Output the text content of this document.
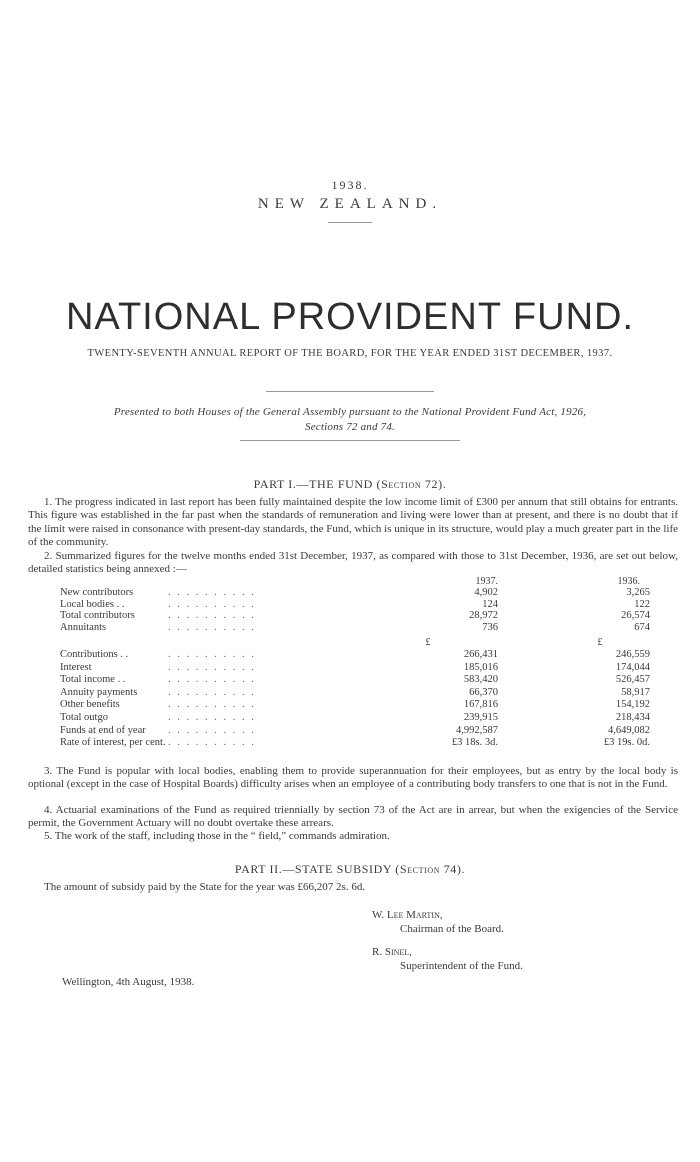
1938.
NEW ZEALAND.
NATIONAL PROVIDENT FUND.
TWENTY-SEVENTH ANNUAL REPORT OF THE BOARD, FOR THE YEAR ENDED 31ST DECEMBER, 1937.
Presented to both Houses of the General Assembly pursuant to the National Provident Fund Act, 1926,
Sections 72 and 74.
PART I.—THE FUND (Section 72).
1. The progress indicated in last report has been fully maintained despite the low income limit of £300 per annum that still obtains for entrants. This figure was established in the far past when the standards of remuneration and living were lower than at present, and there is no doubt that if the limit were raised in consonance with present-day standards, the Fund, which is unique in its structure, would play a much greater part in the life of the community.
2. Summarized figures for the twelve months ended 31st December, 1937, as compared with those to 31st December, 1936, are set out below, detailed statistics being annexed :—
1937.	1936.
New contributors	. . . . . . . . . .	4,902	3,265
Local bodies . .	. . . . . . . . . .	124	122
Total contributors	. . . . . . . . . .	28,972	26,574
Annuitants	. . . . . . . . . .	736	674
£	£
Contributions . .	. . . . . . . . . .	266,431	246,559
Interest	. . . . . . . . . .	185,016	174,044
Total income . .	. . . . . . . . . .	583,420	526,457
Annuity payments	. . . . . . . . . .	66,370	58,917
Other benefits	. . . . . . . . . .	167,816	154,192
Total outgo	. . . . . . . . . .	239,915	218,434
Funds at end of year . . . . . . . . . .	4,992,587	4,649,082
Rate of interest, per cent. . . . . . . . . . .	£3 18s. 3d.	£3 19s. 0d.
3. The Fund is popular with local bodies, enabling them to provide superannuation for their employees, but as entry by the local body is optional (except in the case of Hospital Boards) difficulty arises when an employee of a contributing body transfers to one that is not in the Fund.
4. Actuarial examinations of the Fund as required triennially by section 73 of the Act are in arrear, but when the exigencies of the Service permit, the Government Actuary will no doubt overtake these arrears.
5. The work of the staff, including those in the “ field,” commands admiration.
PART II.—STATE SUBSIDY (Section 74).
The amount of subsidy paid by the State for the year was £66,207 2s. 6d.
W. Lee Martin,
Chairman of the Board.
R. Sinel,
Superintendent of the Fund.
Wellington, 4th August, 1938.
